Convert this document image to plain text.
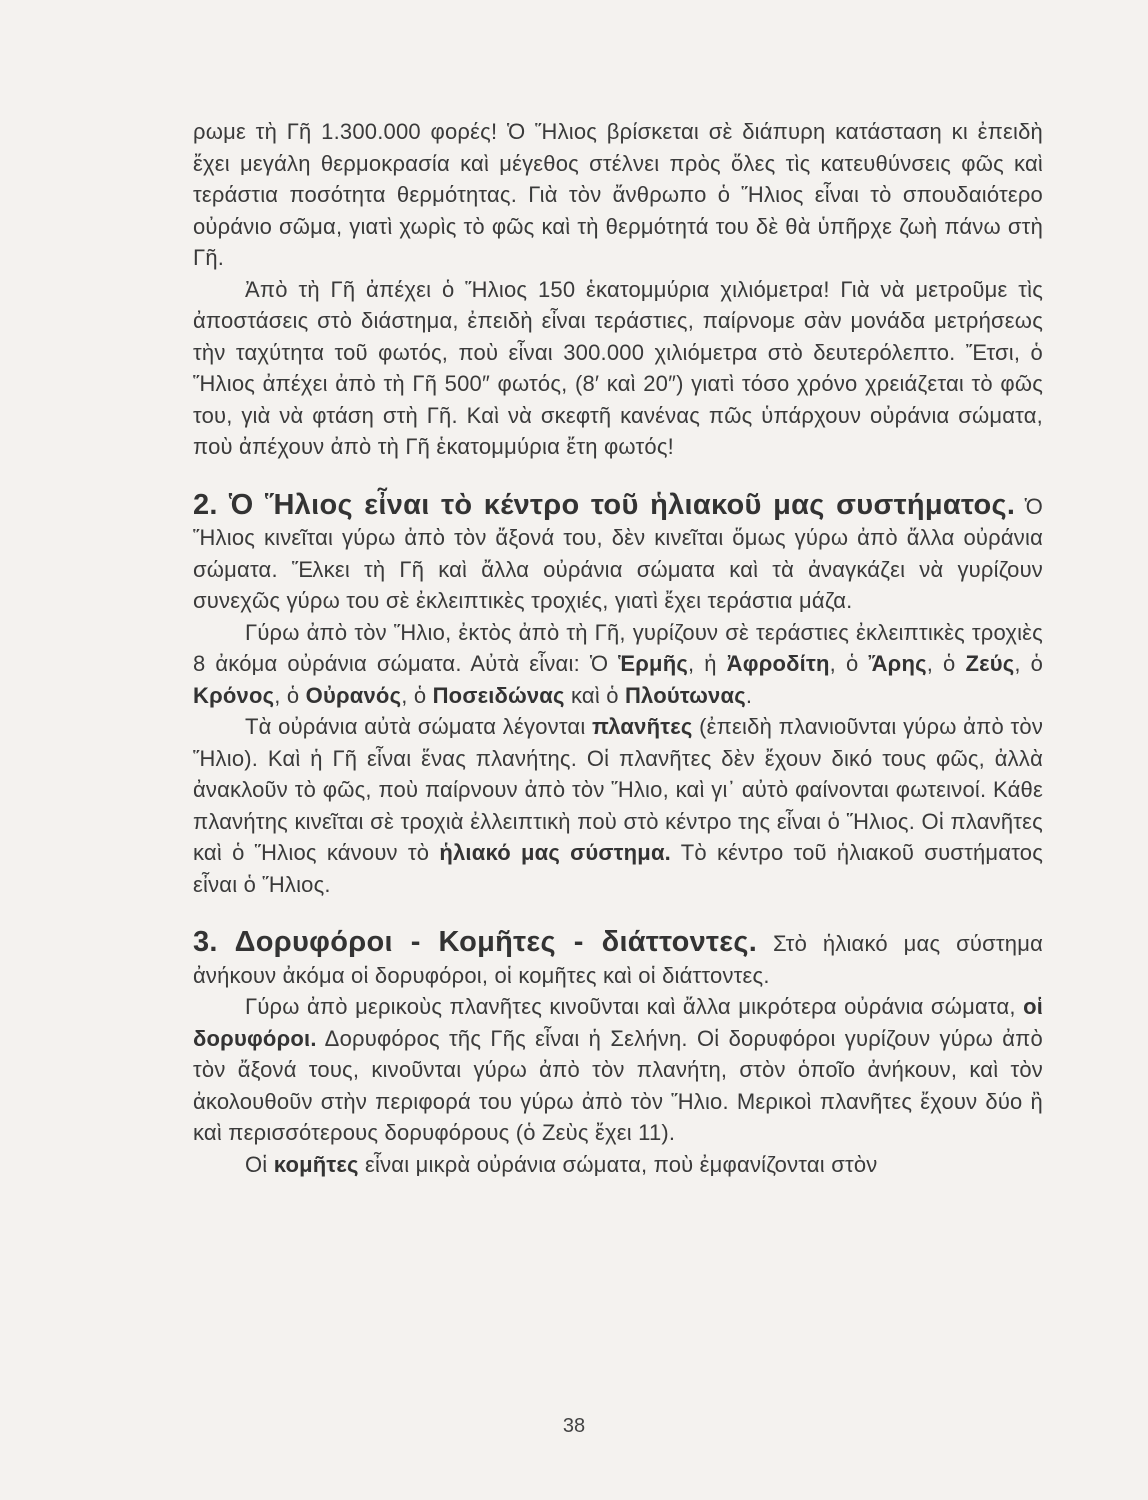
ρωμε τὴ Γῆ 1.300.000 φορές! Ὁ Ἥλιος βρίσκεται σὲ διάπυρη κατάσταση κι ἐπειδὴ ἔχει μεγάλη θερμοκρασία καὶ μέγεθος στέλνει πρὸς ὅλες τὶς κατευθύνσεις φῶς καὶ τεράστια ποσότητα θερμότητας. Γιὰ τὸν ἄνθρωπο ὁ Ἥλιος εἶναι τὸ σπουδαιότερο οὐράνιο σῶμα, γιατὶ χωρὶς τὸ φῶς καὶ τὴ θερμότητά του δὲ θὰ ὑπῆρχε ζωὴ πάνω στὴ Γῆ.

Ἀπὸ τὴ Γῆ ἀπέχει ὁ Ἥλιος 150 ἑκατομμύρια χιλιόμετρα! Γιὰ νὰ μετροῦμε τὶς ἀποστάσεις στὸ διάστημα, ἐπειδὴ εἶναι τεράστιες, παίρνομε σὰν μονάδα μετρήσεως τὴν ταχύτητα τοῦ φωτός, ποὺ εἶναι 300.000 χιλιόμετρα στὸ δευτερόλεπτο. Ἔτσι, ὁ Ἥλιος ἀπέχει ἀπὸ τὴ Γῆ 500″ φωτός, (8′ καὶ 20″) γιατὶ τόσο χρόνο χρειάζεται τὸ φῶς του, γιὰ νὰ φτάση στὴ Γῆ. Καὶ νὰ σκεφτῆ κανένας πῶς ὑπάρχουν οὐράνια σώματα, ποὺ ἀπέχουν ἀπὸ τὴ Γῆ ἑκατομμύρια ἔτη φωτός!

2. Ὁ Ἥλιος εἶναι τὸ κέντρο τοῦ ἡλιακοῦ μας συστήματος. Ὁ Ἥλιος κινεῖται γύρω ἀπὸ τὸν ἄξονά του, δὲν κινεῖται ὅμως γύρω ἀπὸ ἄλλα οὐράνια σώματα. Ἕλκει τὴ Γῆ καὶ ἄλλα οὐράνια σώματα καὶ τὰ ἀναγκάζει νὰ γυρίζουν συνεχῶς γύρω του σὲ ἐκλειπτικὲς τροχιές, γιατὶ ἔχει τεράστια μάζα.

Γύρω ἀπὸ τὸν Ἥλιο, ἐκτὸς ἀπὸ τὴ Γῆ, γυρίζουν σὲ τεράστιες ἐκλειπτικὲς τροχιὲς 8 ἀκόμα οὐράνια σώματα. Αὐτὰ εἶναι: Ὁ Ἑρμῆς, ἡ Ἀφροδίτη, ὁ Ἄρης, ὁ Ζεύς, ὁ Κρόνος, ὁ Οὐρανός, ὁ Ποσειδώνας καὶ ὁ Πλούτωνας.

Τὰ οὐράνια αὐτὰ σώματα λέγονται πλανῆτες (ἐπειδὴ πλανιοῦνται γύρω ἀπὸ τὸν Ἥλιο). Καὶ ἡ Γῆ εἶναι ἕνας πλανήτης. Οἱ πλανῆτες δὲν ἔχουν δικό τους φῶς, ἀλλὰ ἀνακλοῦν τὸ φῶς, ποὺ παίρνουν ἀπὸ τὸν Ἥλιο, καὶ γι᾽ αὐτὸ φαίνονται φωτεινοί. Κάθε πλανήτης κινεῖται σὲ τροχιὰ ἐλλειπτικὴ ποὺ στὸ κέντρο της εἶναι ὁ Ἥλιος. Οἱ πλανῆτες καὶ ὁ Ἥλιος κάνουν τὸ ἡλιακό μας σύστημα. Τὸ κέντρο τοῦ ἡλιακοῦ συστήματος εἶναι ὁ Ἥλιος.

3. Δορυφόροι - Κομῆτες - διάττοντες. Στὸ ἡλιακό μας σύστημα ἀνήκουν ἀκόμα οἱ δορυφόροι, οἱ κομῆτες καὶ οἱ διάττοντες.

Γύρω ἀπὸ μερικοὺς πλανῆτες κινοῦνται καὶ ἄλλα μικρότερα οὐράνια σώματα, οἱ δορυφόροι. Δορυφόρος τῆς Γῆς εἶναι ἡ Σελήνη. Οἱ δορυφόροι γυρίζουν γύρω ἀπὸ τὸν ἄξονά τους, κινοῦνται γύρω ἀπὸ τὸν πλανήτη, στὸν ὁποῖο ἀνήκουν, καὶ τὸν ἀκολουθοῦν στὴν περιφορά του γύρω ἀπὸ τὸν Ἥλιο. Μερικοὶ πλανῆτες ἔχουν δύο ἢ καὶ περισσότερους δορυφόρους (ὁ Ζεὺς ἔχει 11).

Οἱ κομῆτες εἶναι μικρὰ οὐράνια σώματα, ποὺ ἐμφανίζονται στὸν

38
